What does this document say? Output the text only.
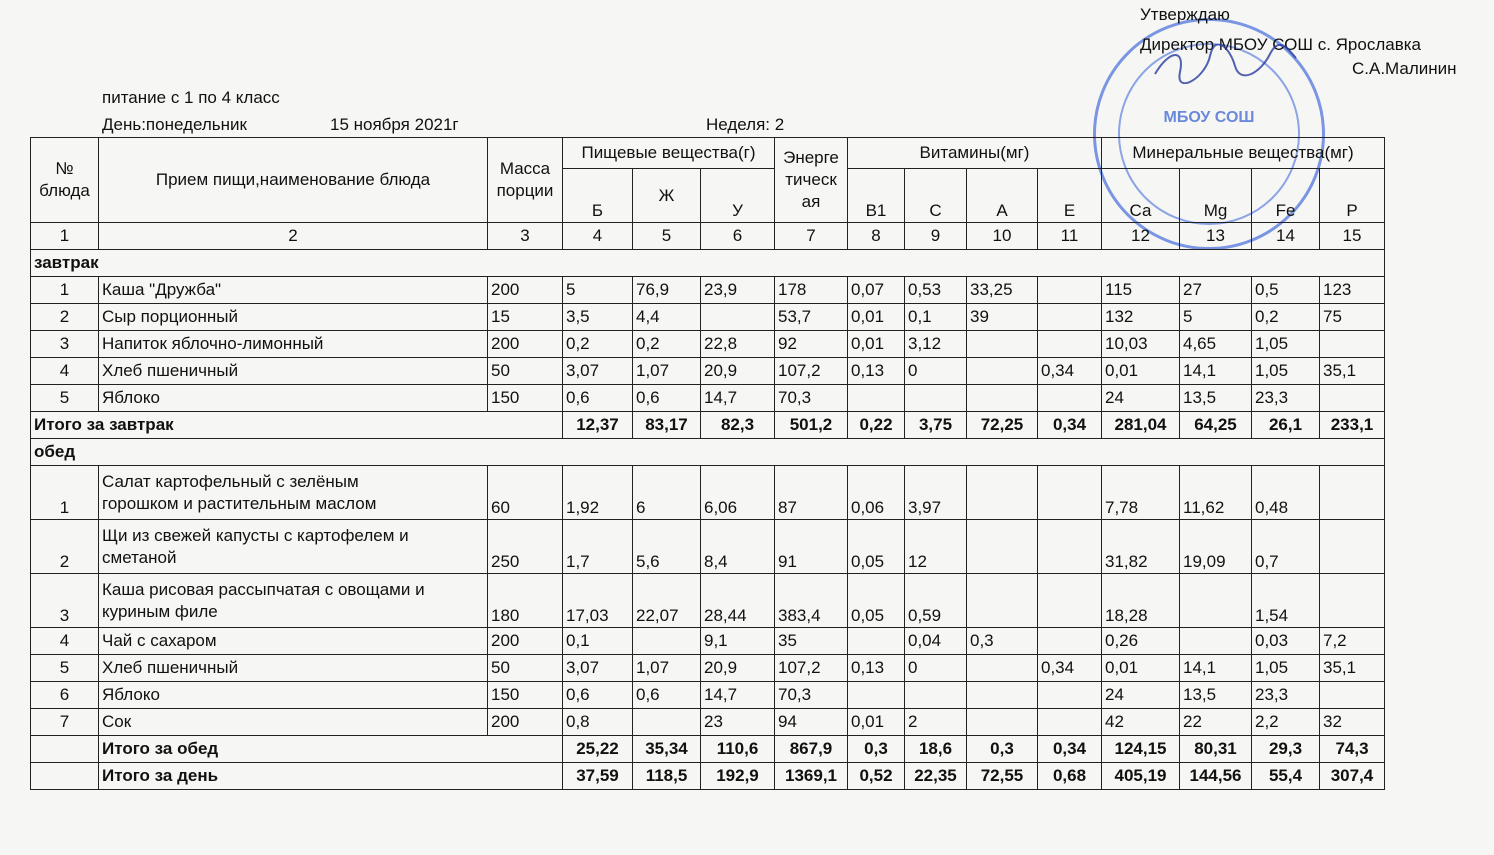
МБОУ СОШ
Утверждаю
Директор МБОУ СОШ с. Ярославка
С.А.Малинин
питание с 1 по 4 класс
День:понедельник	15 ноября 2021г	Неделя: 2
№ блюда	Прием пищи,наименование блюда	Масса порции	Пищевые вещества(г)			Энерге
тическ
ая	Витамины(мг)				Минеральные вещества(мг)			
			Б	Ж	У		В1	С	А	Е	Са	Mg	Fe	Р
1	2	3	4	5	6	7	8	9	10	11	12	13	14	15
завтрак														
1	Каша "Дружба"	200	5	76,9	23,9	178	0,07	0,53	33,25		115	27	0,5	123
2	Сыр порционный	15	3,5	4,4		53,7	0,01	0,1	39		132	5	0,2	75
3	Напиток яблочно-лимонный	200	0,2	0,2	22,8	92	0,01	3,12			10,03	4,65	1,05	
4	Хлеб пшеничный	50	3,07	1,07	20,9	107,2	0,13	0		0,34	0,01	14,1	1,05	35,1
5	Яблоко	150	0,6	0,6	14,7	70,3					24	13,5	23,3	
Итого за завтрак			12,37	83,17	82,3	501,2	0,22	3,75	72,25	0,34	281,04	64,25	26,1	233,1
обед														
1	Салат картофельный с зелёным
горошком и растительным маслом	60	1,92	6	6,06	87	0,06	3,97			7,78	11,62	0,48	
2	Щи из свежей капусты с картофелем и
сметаной	250	1,7	5,6	8,4	91	0,05	12			31,82	19,09	0,7	
3	Каша рисовая рассыпчатая с овощами и
куриным филе	180	17,03	22,07	28,44	383,4	0,05	0,59			18,28		1,54	
4	Чай с сахаром	200	0,1		9,1	35		0,04	0,3		0,26		0,03	7,2
5	Хлеб пшеничный	50	3,07	1,07	20,9	107,2	0,13	0		0,34	0,01	14,1	1,05	35,1
6	Яблоко	150	0,6	0,6	14,7	70,3					24	13,5	23,3	
7	Сок	200	0,8		23	94	0,01	2			42	22	2,2	32
	Итого за обед		25,22	35,34	110,6	867,9	0,3	18,6	0,3	0,34	124,15	80,31	29,3	74,3
	Итого за день		37,59	118,5	192,9	1369,1	0,52	22,35	72,55	0,68	405,19	144,56	55,4	307,4
